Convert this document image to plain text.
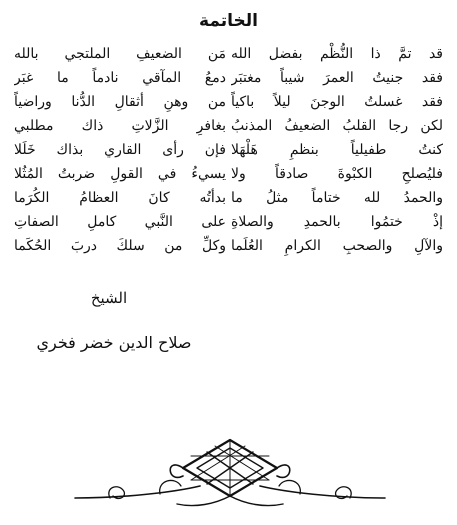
الخاتمة
قد تمَّ ذا النُّظْم بفضل الله
فقد جنيتُ العمرَ شيباً مغتبَر
فقد غسلتُ الوجنَ ليلاً باكياً
لكن رجا القلبُ الضعيفُ المذنبُ
كنتُ طفيلياً بنظمِ هَلْهَلا
فليُصلحِ الكبْوةَ صادقاً ولا
والحمدُ لله ختاماً مثلُ ما
إذْ ختمُوا بالحمدِ والصلاةِ
والآلِ والصحبِ الكرامِ العُلَما
مَن الضعيفِ الملتجي بالله
دمعُ المآقي نادماً ما غبَر
من وهنِ أثقالِ الدُّنا وراضياً
بغافرِ الزَّلاتِ ذاك مطلبي
فإن رأى القاري بذاك خَلَلا
يسيءُ في القولِ ضربتُ المُثُلا
بدأتُه كانَ العظامُ الكُرَما
على النَّبي كاملِ الصفاتِ
وكلِّ من سلكَ دربَ الحُكَما
الشيخ
صلاح الدين خضر فخري
